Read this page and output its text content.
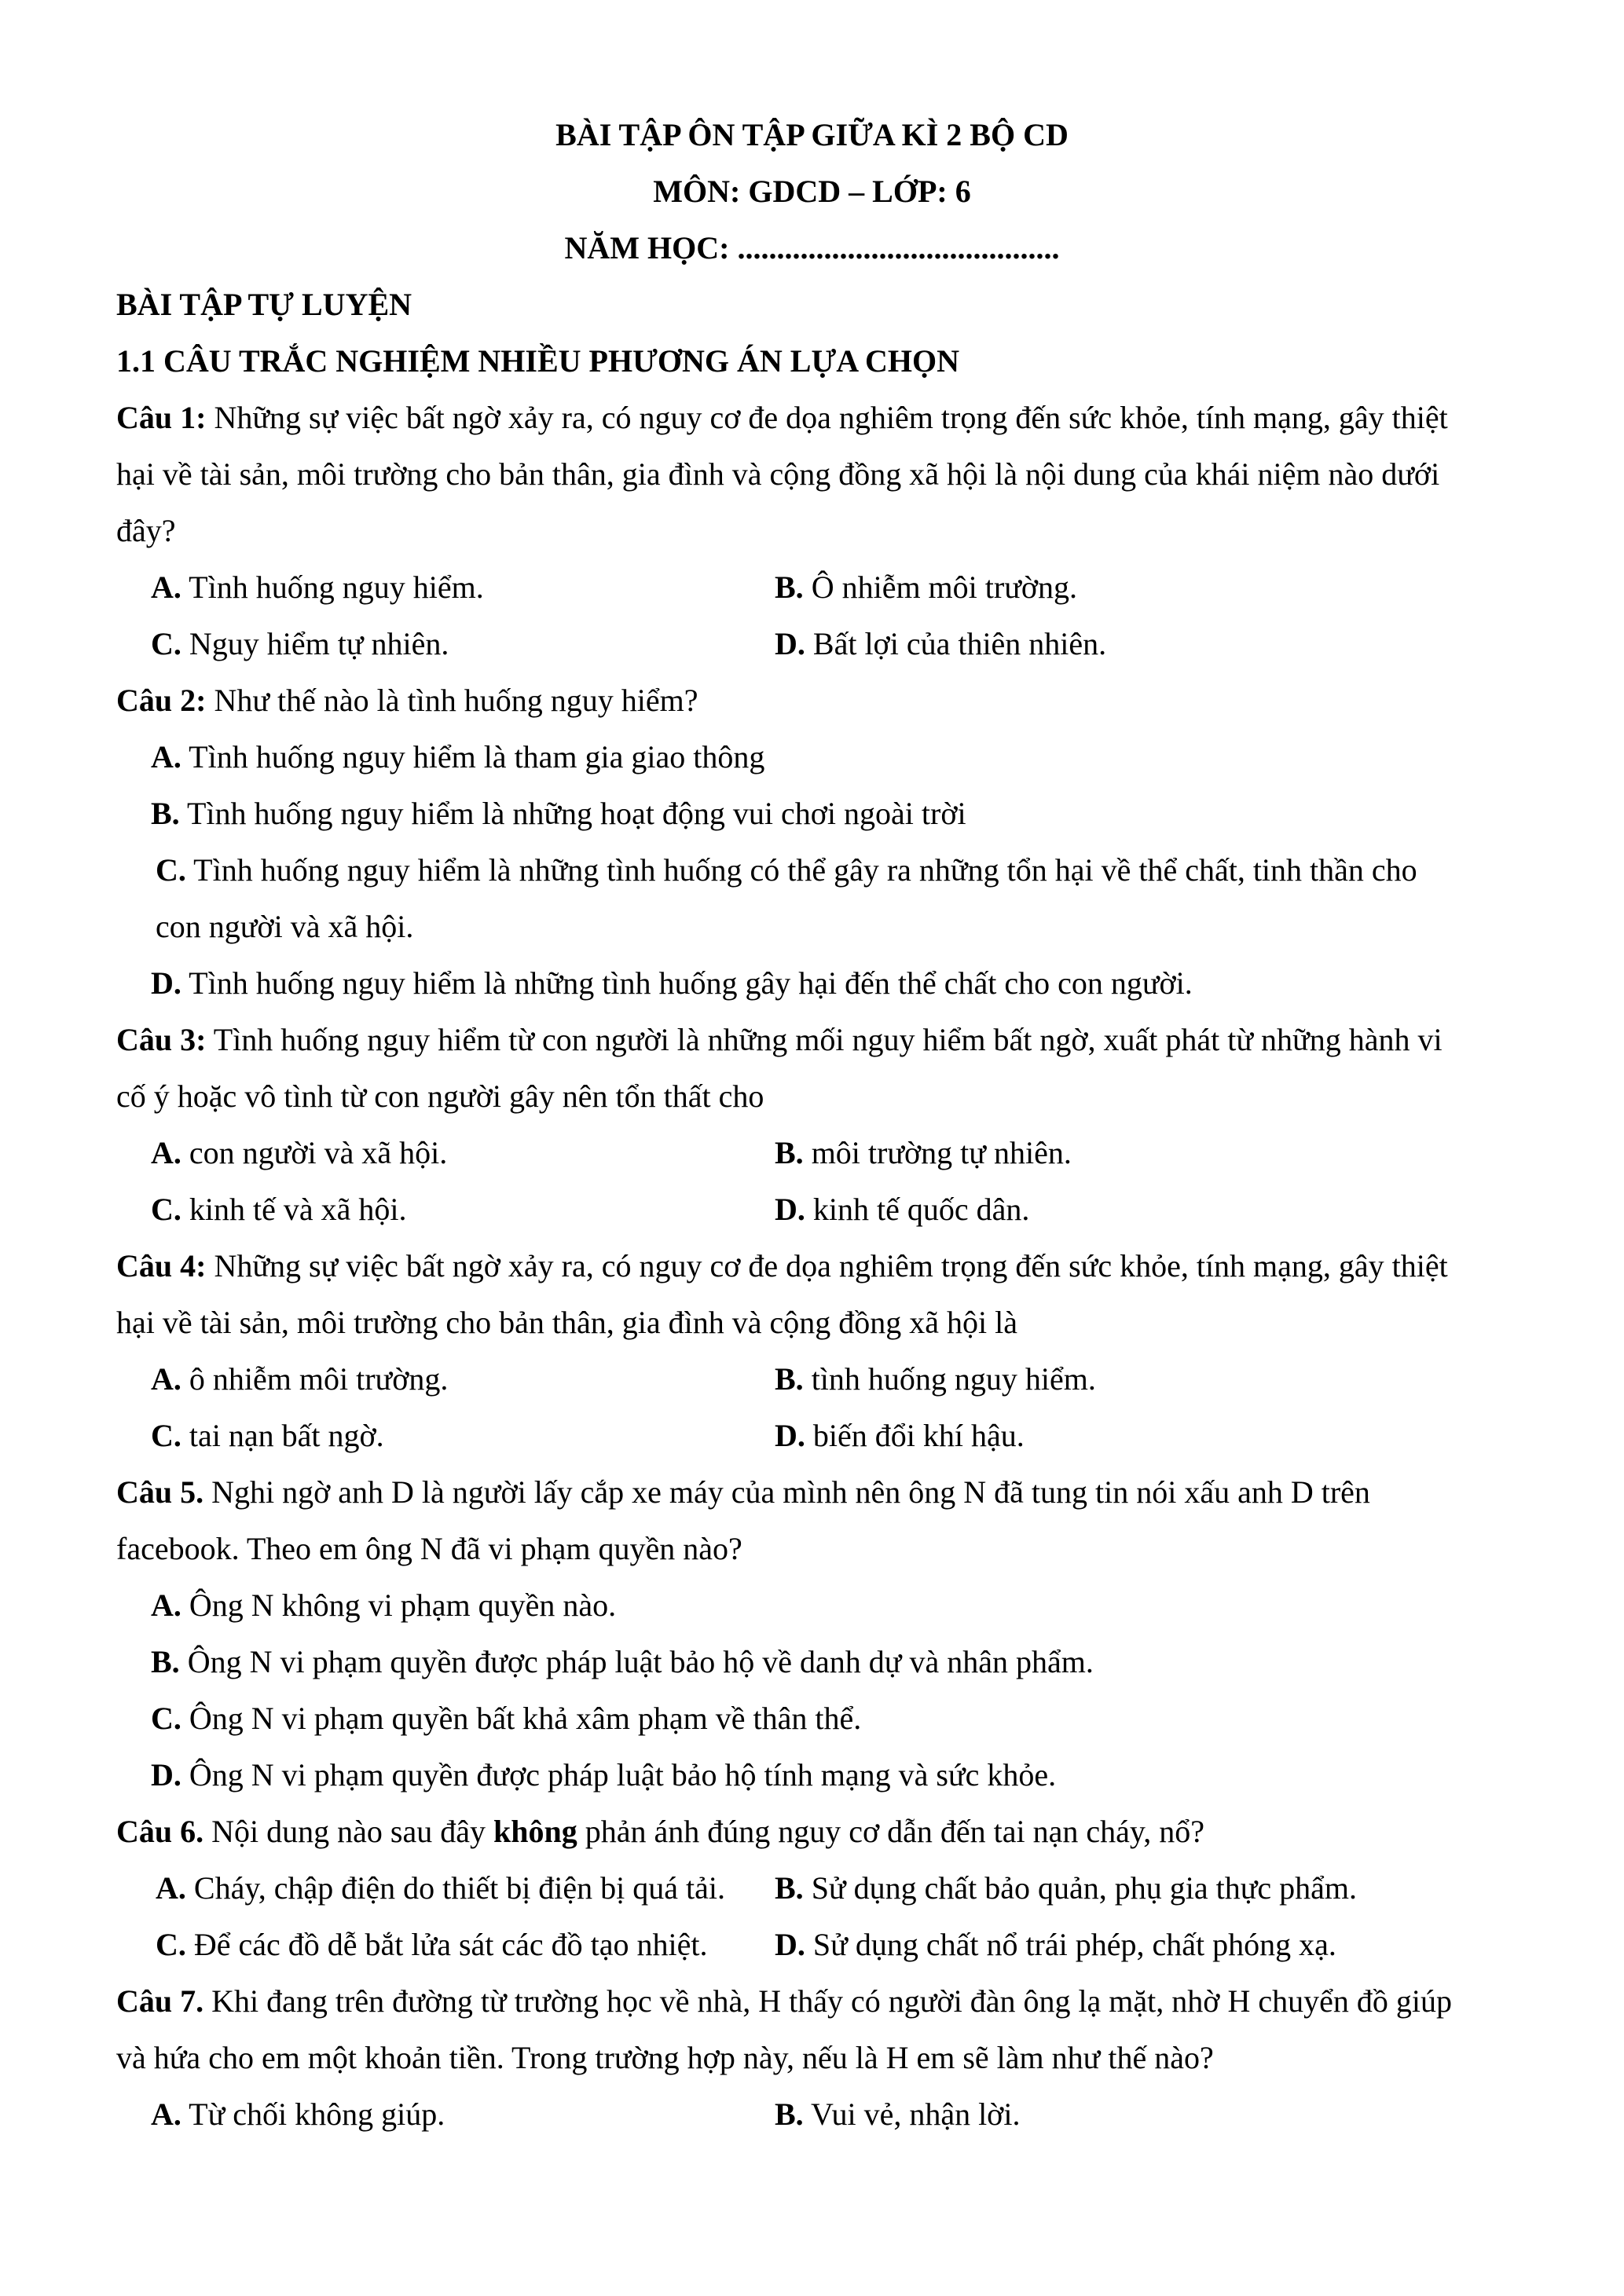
BÀI TẬP ÔN TẬP GIỮA KÌ 2 BỘ CD
MÔN: GDCD – LỚP: 6
NĂM HỌC: .........................................
BÀI TẬP TỰ LUYỆN
1.1 CÂU TRẮC NGHIỆM NHIỀU PHƯƠNG ÁN LỰA CHỌN
Câu 1: Những sự việc bất ngờ xảy ra, có nguy cơ đe dọa nghiêm trọng đến sức khỏe, tính mạng, gây thiệt
hại về tài sản, môi trường cho bản thân, gia đình và cộng đồng xã hội là nội dung của khái niệm nào dưới
đây?
A. Tình huống nguy hiểm.	B. Ô nhiễm môi trường.
C. Nguy hiểm tự nhiên.	D. Bất lợi của thiên nhiên.
Câu 2: Như thế nào là tình huống nguy hiểm?
A. Tình huống nguy hiểm là tham gia giao thông
B. Tình huống nguy hiểm là những hoạt động vui chơi ngoài trời
C. Tình huống nguy hiểm là những tình huống có thể gây ra những tổn hại về thể chất, tinh thần cho
con người và xã hội.
D. Tình huống nguy hiểm là những tình huống gây hại đến thể chất cho con người.
Câu 3: Tình huống nguy hiểm từ con người là những mối nguy hiểm bất ngờ, xuất phát từ những hành vi
cố ý hoặc vô tình từ con người gây nên tổn thất cho
A. con người và xã hội.	B. môi trường tự nhiên.
C. kinh tế và xã hội.	D. kinh tế quốc dân.
Câu 4: Những sự việc bất ngờ xảy ra, có nguy cơ đe dọa nghiêm trọng đến sức khỏe, tính mạng, gây thiệt
hại về tài sản, môi trường cho bản thân, gia đình và cộng đồng xã hội là
A. ô nhiễm môi trường.	B. tình huống nguy hiểm.
C. tai nạn bất ngờ.	D. biến đổi khí hậu.
Câu 5. Nghi ngờ anh D là người lấy cắp xe máy của mình nên ông N đã tung tin nói xấu anh D trên
facebook. Theo em ông N đã vi phạm quyền nào?
A. Ông N không vi phạm quyền nào.
B. Ông N vi phạm quyền được pháp luật bảo hộ về danh dự và nhân phẩm.
C. Ông N vi phạm quyền bất khả xâm phạm về thân thể.
D. Ông N vi phạm quyền được pháp luật bảo hộ tính mạng và sức khỏe.
Câu 6. Nội dung nào sau đây không phản ánh đúng nguy cơ dẫn đến tai nạn cháy, nổ?
A. Cháy, chập điện do thiết bị điện bị quá tải. B. Sử dụng chất bảo quản, phụ gia thực phẩm.
C. Để các đồ dễ bắt lửa sát các đồ tạo nhiệt. D. Sử dụng chất nổ trái phép, chất phóng xạ.
Câu 7. Khi đang trên đường từ trường học về nhà, H thấy có người đàn ông lạ mặt, nhờ H chuyển đồ giúp
và hứa cho em một khoản tiền. Trong trường hợp này, nếu là H em sẽ làm như thế nào?
A. Từ chối không giúp.	B. Vui vẻ, nhận lời.
